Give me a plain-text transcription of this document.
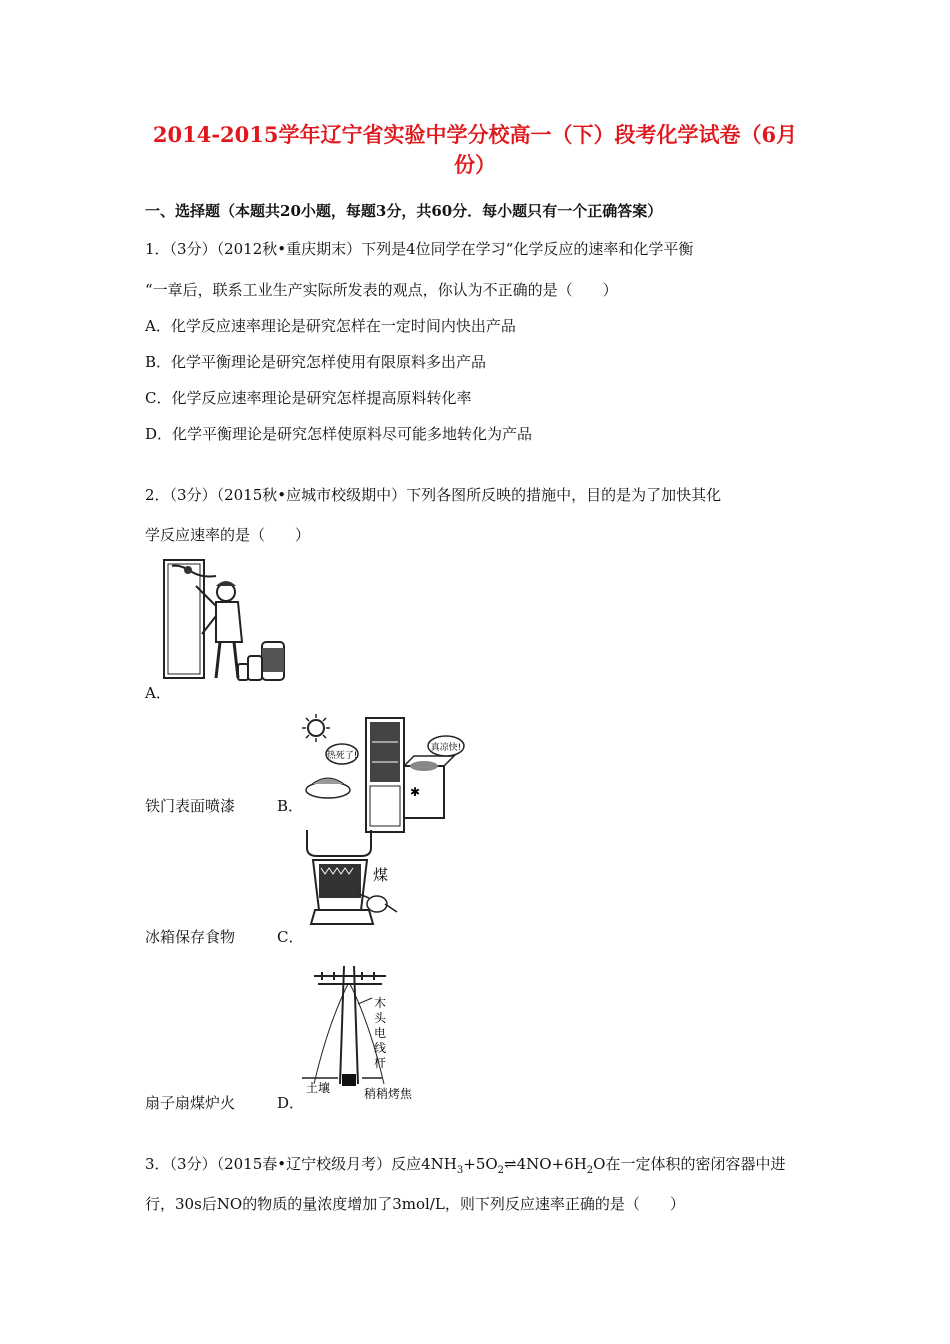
2014-2015学年辽宁省实验中学分校高一（下）段考化学试卷（6月
份）
一、选择题（本题共20小题，每题3分，共60分．每小题只有一个正确答案）
1．（3分）（2012秋•重庆期末）下列是4位同学在学习“化学反应的速率和化学平衡
“一章后，联系工业生产实际所发表的观点，你认为不正确的是（　　）
A．化学反应速率理论是研究怎样在一定时间内快出产品
B．化学平衡理论是研究怎样使用有限原料多出产品
C．化学反应速率理论是研究怎样提高原料转化率
D．化学平衡理论是研究怎样使原料尽可能多地转化为产品
2．（3分）（2015秋•应城市校级期中）下列各图所反映的措施中，目的是为了加快其化
学反应速率的是（　　）
A．
热死了!
真凉快!
✱
铁门表面喷漆	B．
煤
冰箱保存食物	C．
木头电线杆
土壤	稍稍烤焦
扇子扇煤炉火	D．
3．（3分）（2015春•辽宁校级月考）反应$4NH_3+5O_2\rightleftharpoons 4NO+6H_2O$在一定体积的密闭容器中进
行，30s后NO的物质的量浓度增加了3mol/L，则下列反应速率正确的是（　　）
